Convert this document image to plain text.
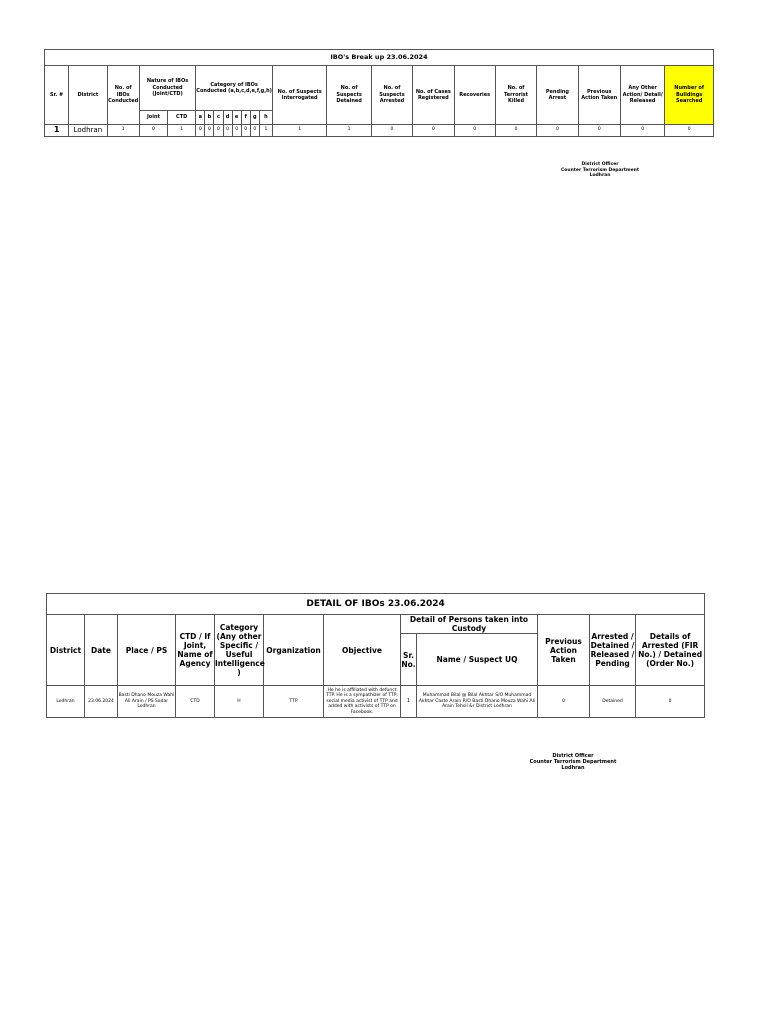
IBO's Break up 23.06.2024																						
Sr. #	District	No. of IBOs Conducted	Nature of IBOs Conducted (Joint/CTD)		Category of IBOs Conducted (a,b,c,d,e,f,g,h)								No. of Suspects Interrogated	No. of Suspects Detained	No. of Suspects Arrested	No. of Cases Registered	Recoveries	No. of Terrorist Killed	Pending Arrest	Previous Action Taken	Any Other Action/ Detail/ Released	Number of Buildings Searched
			Joint	CTD	a	b	c	d	e	f	g	h										
1	Lodhran	1	0	1	0	0	0	0	0	0	0	1	1	1	0	0	0	0	0	0	0	0
District Officer
Counter Terrorism Department
Lodhran
DETAIL OF IBOs 23.06.2024											
District	Date	Place / PS	CTD / If Joint, Name of Agency	Category (Any other Specific / Useful Intelligence )	Organization	Objective	Detail of Persons taken into Custody		Previous Action Taken	Arrested / Detained / Released / Pending	Details of Arrested (FIR No.) / Detained (Order No.)
							Sr. No.	Name / Suspect UQ			
Lodhran	23.06.2024	Basti Dhano Mouza Wahi Ali Arain / PS Sadar Lodhran	CTD	H	TTP	He he is affiliated with defunct TTP. He is a sympathizer of TTP, social media activist of TTP and added with activists of TTP on Facebook.	1	Muhammad Bilal @ Bilal Akhtar S/O Muhammad Akhtar Caste Arain R/O Basti Dhano Mouza Wahi Ali Arain Tehsil &r District Lodhran	0	Detained	0
District Officer
Counter Terrorism Department
Lodhran
